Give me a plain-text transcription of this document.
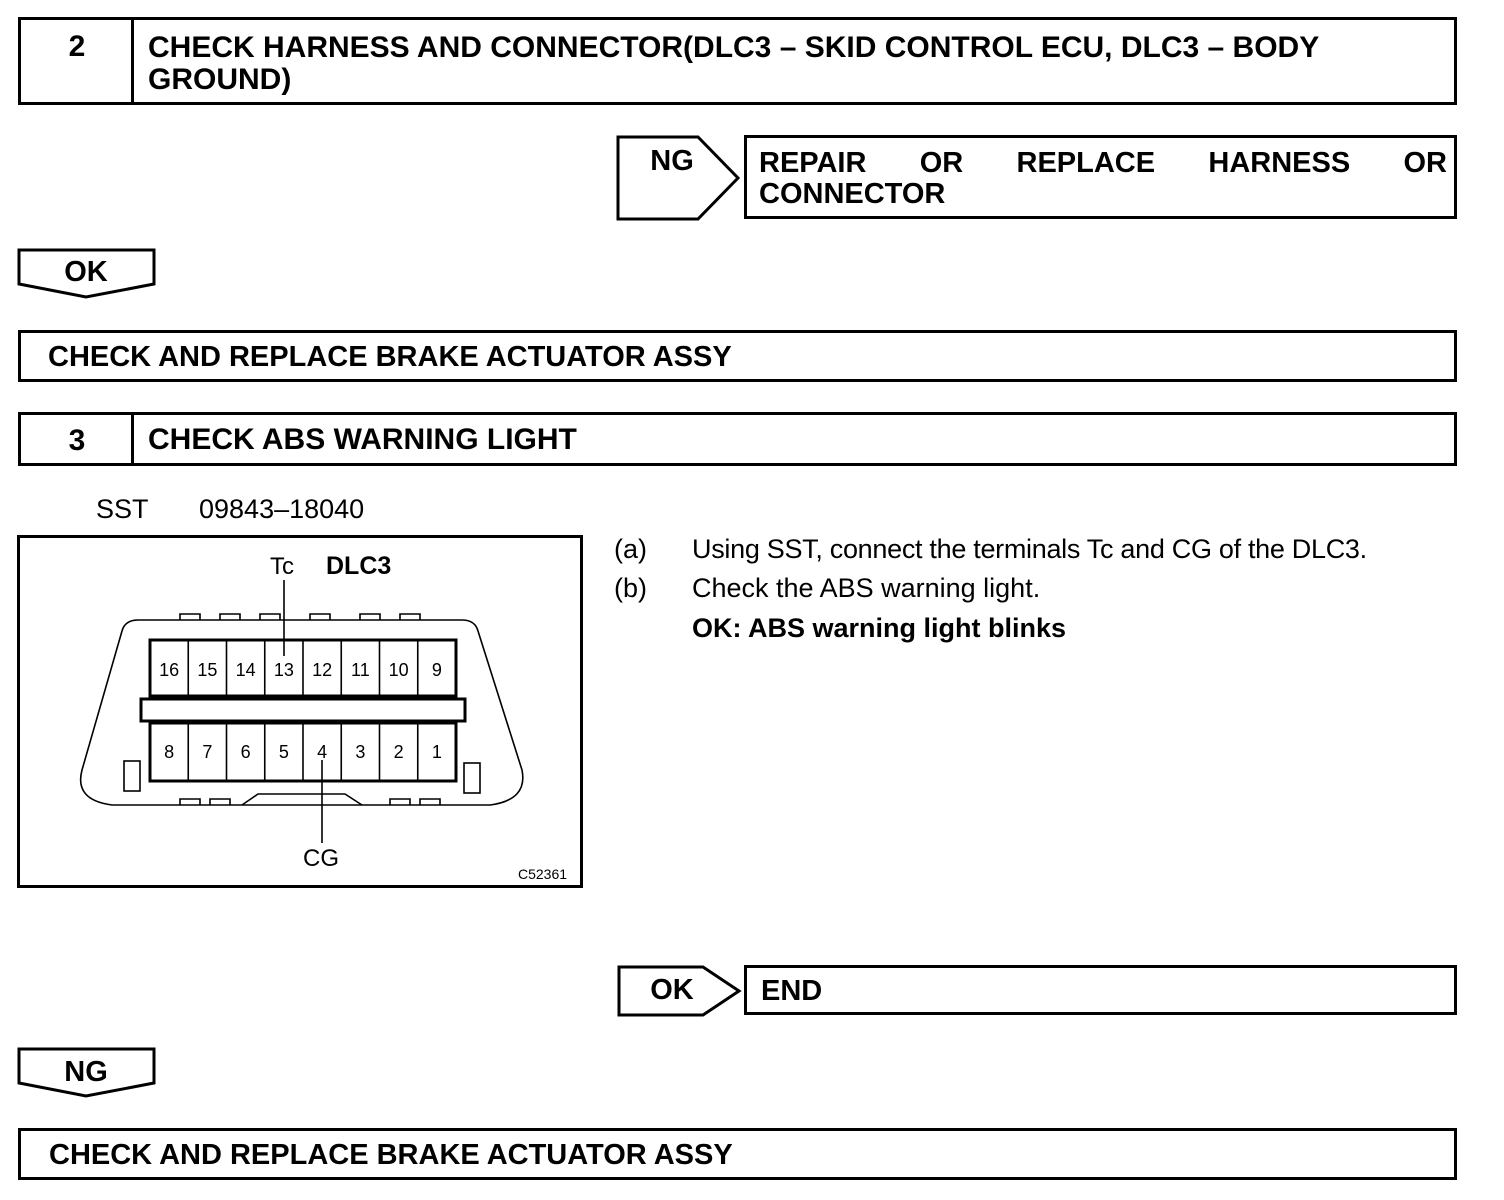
2	CHECK HARNESS AND CONNECTOR(DLC3 – SKID CONTROL ECU, DLC3 – BODY GROUND)
NG	REPAIR OR REPLACE HARNESS OR CONNECTOR
OK
CHECK AND REPLACE BRAKE ACTUATOR ASSY
3	CHECK ABS WARNING LIGHT
SST 09843–18040
16 15 14 13 12 11 10 9
8 7 6 5 4 3 2 1
Tc DLC3
CG
C52361
(a) Using SST, connect the terminals Tc and CG of the DLC3.
(b) Check the ABS warning light.
OK: ABS warning light blinks
OK	END
NG
CHECK AND REPLACE BRAKE ACTUATOR ASSY
